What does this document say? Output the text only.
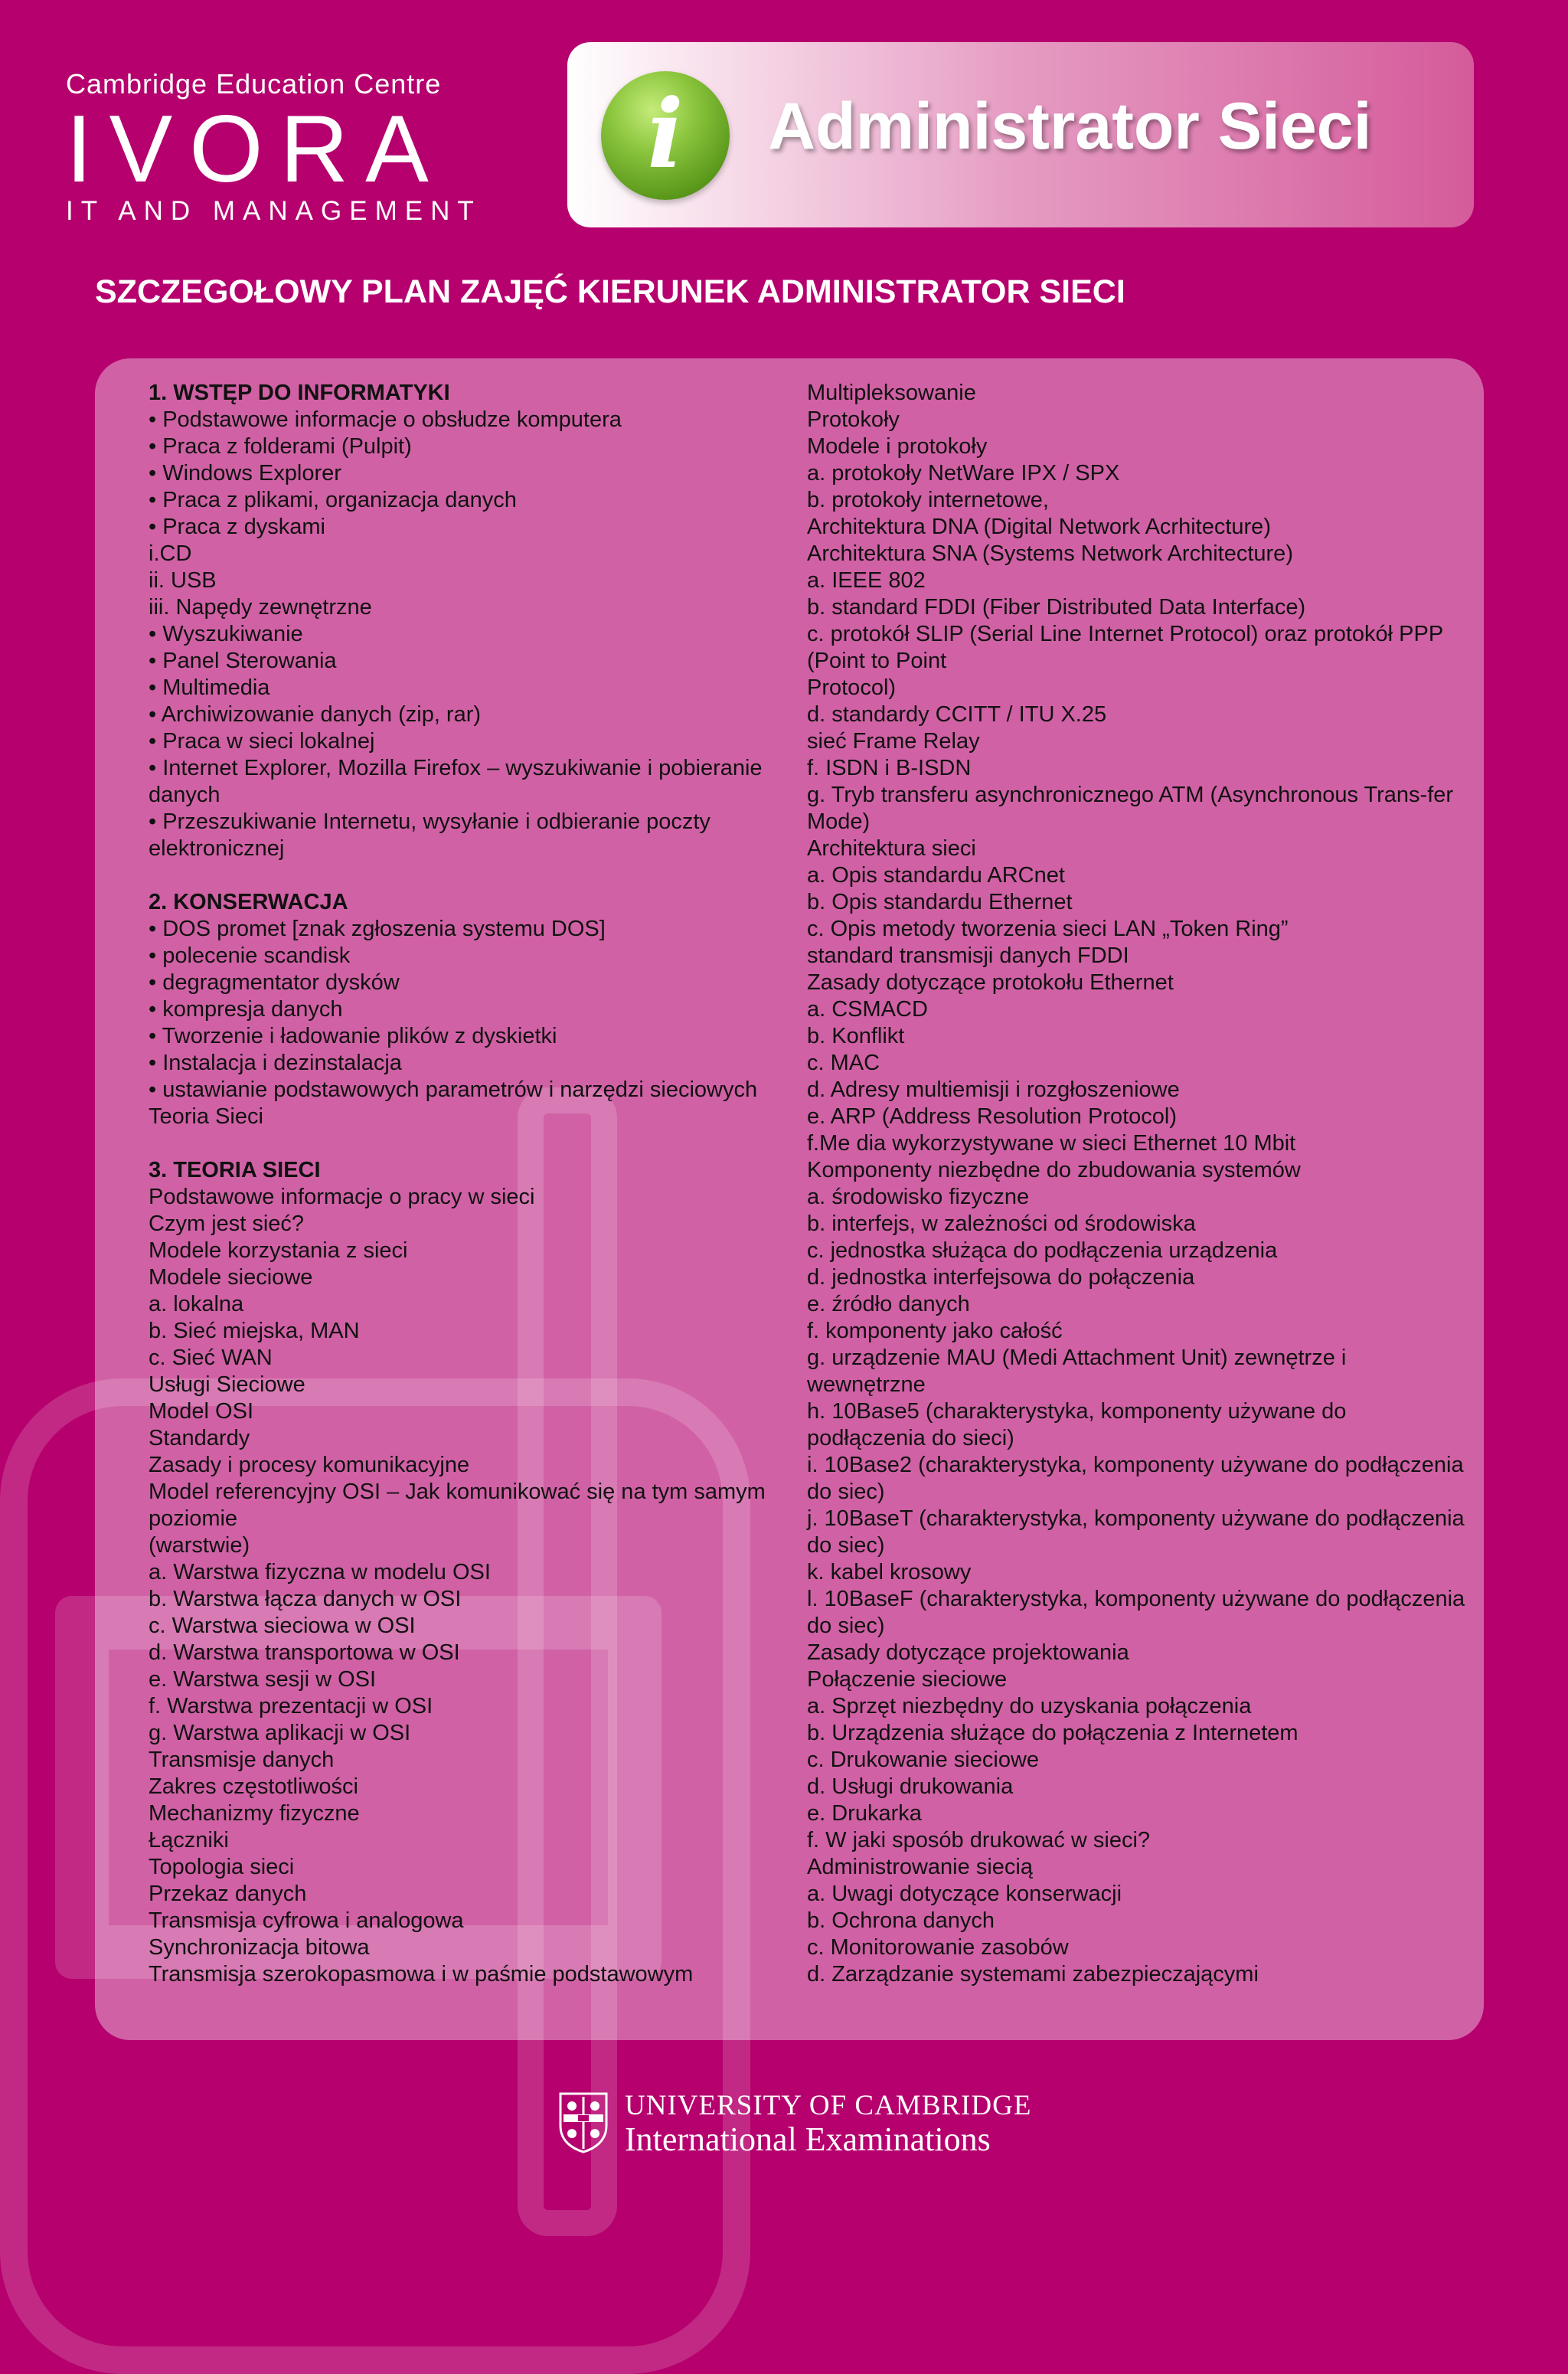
Cambridge Education Centre
IVORA
IT AND MANAGEMENT
i	Administrator Sieci
SZCZEGOŁOWY PLAN ZAJĘĆ KIERUNEK ADMINISTRATOR SIECI
1. WSTĘP DO INFORMATYKI
• Podstawowe informacje o obsłudze komputera
• Praca z folderami (Pulpit)
• Windows Explorer
• Praca z plikami, organizacja danych
• Praca z dyskami
i.CD
ii. USB
iii. Napędy zewnętrzne
• Wyszukiwanie
• Panel Sterowania
• Multimedia
• Archiwizowanie danych (zip, rar)
• Praca w sieci lokalnej
• Internet Explorer, Mozilla Firefox – wyszukiwanie i pobieranie danych
• Przeszukiwanie Internetu, wysyłanie i odbieranie poczty elektronicznej
2. KONSERWACJA
• DOS promet [znak zgłoszenia systemu DOS]
• polecenie scandisk
• degragmentator dysków
• kompresja danych
• Tworzenie i ładowanie plików z dyskietki
• Instalacja i dezinstalacja
• ustawianie podstawowych parametrów i narzędzi sieciowych
Teoria Sieci
3. TEORIA SIECI
Podstawowe informacje o pracy w sieci
Czym jest sieć?
Modele korzystania z sieci
Modele sieciowe
a. lokalna
b. Sieć miejska, MAN
c. Sieć WAN
Usługi Sieciowe
Model OSI
Standardy
Zasady i procesy komunikacyjne
Model referencyjny OSI – Jak komunikować się na tym samym poziomie
(warstwie)
a. Warstwa fizyczna w modelu OSI
b. Warstwa łącza danych w OSI
c. Warstwa sieciowa w OSI
d. Warstwa transportowa w OSI
e. Warstwa sesji w OSI
f. Warstwa prezentacji w OSI
g. Warstwa aplikacji w OSI
Transmisje danych
Zakres częstotliwości
Mechanizmy fizyczne
Łączniki
Topologia sieci
Przekaz danych
Transmisja cyfrowa i analogowa
Synchronizacja bitowa
Transmisja szerokopasmowa i w paśmie podstawowym
Multipleksowanie
Protokoły
Modele i protokoły
a. protokoły NetWare IPX / SPX
b. protokoły internetowe,
Architektura DNA (Digital Network Acrhitecture)
Architektura SNA (Systems Network Architecture)
a. IEEE 802
b. standard FDDI (Fiber Distributed Data Interface)
c. protokół SLIP (Serial Line Internet Protocol) oraz protokół PPP (Point to Point
Protocol)
d. standardy CCITT / ITU X.25
sieć Frame Relay
f. ISDN i B-ISDN
g. Tryb transferu asynchronicznego ATM (Asynchronous Trans-fer Mode)
Architektura sieci
a. Opis standardu ARCnet
b. Opis standardu Ethernet
c. Opis metody tworzenia sieci LAN „Token Ring”
standard transmisji danych FDDI
Zasady dotyczące protokołu Ethernet
a. CSMACD
b. Konflikt
c. MAC
d. Adresy multiemisji i rozgłoszeniowe
e. ARP (Address Resolution Protocol)
f.Me dia wykorzystywane w sieci Ethernet 10 Mbit
Komponenty niezbędne do zbudowania systemów
a. środowisko fizyczne
b. interfejs, w zależności od środowiska
c. jednostka służąca do podłączenia urządzenia
d. jednostka interfejsowa do połączenia
e. źródło danych
f. komponenty jako całość
g. urządzenie MAU (Medi Attachment Unit) zewnętrze i wewnętrzne
h. 10Base5 (charakterystyka, komponenty używane do podłączenia do sieci)
i. 10Base2 (charakterystyka, komponenty używane do podłączenia do siec)
j. 10BaseT (charakterystyka, komponenty używane do podłączenia do siec)
k. kabel krosowy
l. 10BaseF (charakterystyka, komponenty używane do podłączenia do siec)
Zasady dotyczące projektowania
Połączenie sieciowe
a. Sprzęt niezbędny do uzyskania połączenia
b. Urządzenia służące do połączenia z Internetem
c. Drukowanie sieciowe
d. Usługi drukowania
e. Drukarka
f. W jaki sposób drukować w sieci?
Administrowanie siecią
a. Uwagi dotyczące konserwacji
b. Ochrona danych
c. Monitorowanie zasobów
d. Zarządzanie systemami zabezpieczającymi
UNIVERSITY OF CAMBRIDGE
International Examinations
